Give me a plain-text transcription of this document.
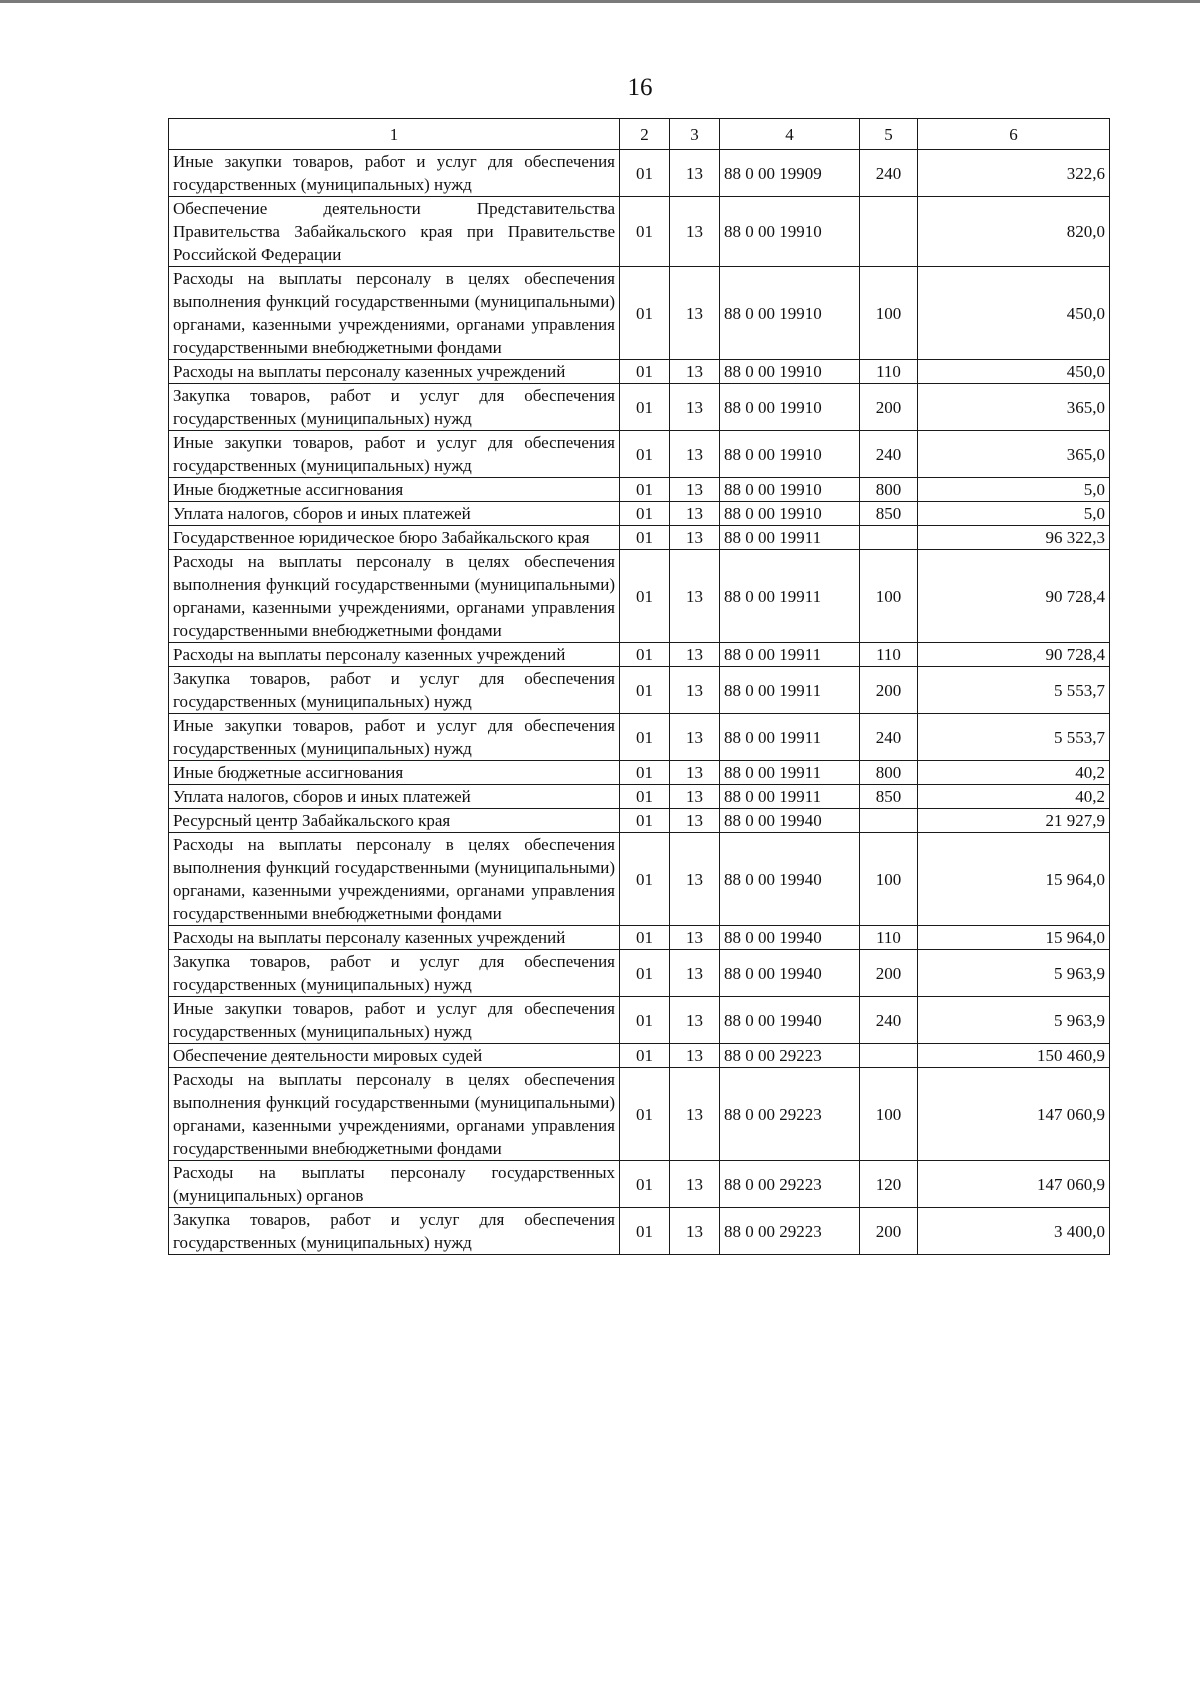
16
1	2	3	4	5	6
Иные закупки товаров, работ и услуг для обеспечения государственных (муниципальных) нужд	01	13	88 0 00 19909	240	322,6
Обеспечение деятельности Представительства Правительства Забайкальского края при Правительстве Российской Федерации	01	13	88 0 00 19910		820,0
Расходы на выплаты персоналу в целях обеспечения выполнения функций государственными (муниципальными) органами, казенными учреждениями, органами управления государственными внебюджетными фондами	01	13	88 0 00 19910	100	450,0
Расходы на выплаты персоналу казенных учреждений	01	13	88 0 00 19910	110	450,0
Закупка товаров, работ и услуг для обеспечения государственных (муниципальных) нужд	01	13	88 0 00 19910	200	365,0
Иные закупки товаров, работ и услуг для обеспечения государственных (муниципальных) нужд	01	13	88 0 00 19910	240	365,0
Иные бюджетные ассигнования	01	13	88 0 00 19910	800	5,0
Уплата налогов, сборов и иных платежей	01	13	88 0 00 19910	850	5,0
Государственное юридическое бюро Забайкальского края	01	13	88 0 00 19911		96 322,3
Расходы на выплаты персоналу в целях обеспечения выполнения функций государственными (муниципальными) органами, казенными учреждениями, органами управления государственными внебюджетными фондами	01	13	88 0 00 19911	100	90 728,4
Расходы на выплаты персоналу казенных учреждений	01	13	88 0 00 19911	110	90 728,4
Закупка товаров, работ и услуг для обеспечения государственных (муниципальных) нужд	01	13	88 0 00 19911	200	5 553,7
Иные закупки товаров, работ и услуг для обеспечения государственных (муниципальных) нужд	01	13	88 0 00 19911	240	5 553,7
Иные бюджетные ассигнования	01	13	88 0 00 19911	800	40,2
Уплата налогов, сборов и иных платежей	01	13	88 0 00 19911	850	40,2
Ресурсный центр Забайкальского края	01	13	88 0 00 19940		21 927,9
Расходы на выплаты персоналу в целях обеспечения выполнения функций государственными (муниципальными) органами, казенными учреждениями, органами управления государственными внебюджетными фондами	01	13	88 0 00 19940	100	15 964,0
Расходы на выплаты персоналу казенных учреждений	01	13	88 0 00 19940	110	15 964,0
Закупка товаров, работ и услуг для обеспечения государственных (муниципальных) нужд	01	13	88 0 00 19940	200	5 963,9
Иные закупки товаров, работ и услуг для обеспечения государственных (муниципальных) нужд	01	13	88 0 00 19940	240	5 963,9
Обеспечение деятельности мировых судей	01	13	88 0 00 29223		150 460,9
Расходы на выплаты персоналу в целях обеспечения выполнения функций государственными (муниципальными) органами, казенными учреждениями, органами управления государственными внебюджетными фондами	01	13	88 0 00 29223	100	147 060,9
Расходы на выплаты персоналу государственных (муниципальных) органов	01	13	88 0 00 29223	120	147 060,9
Закупка товаров, работ и услуг для обеспечения государственных (муниципальных) нужд	01	13	88 0 00 29223	200	3 400,0
